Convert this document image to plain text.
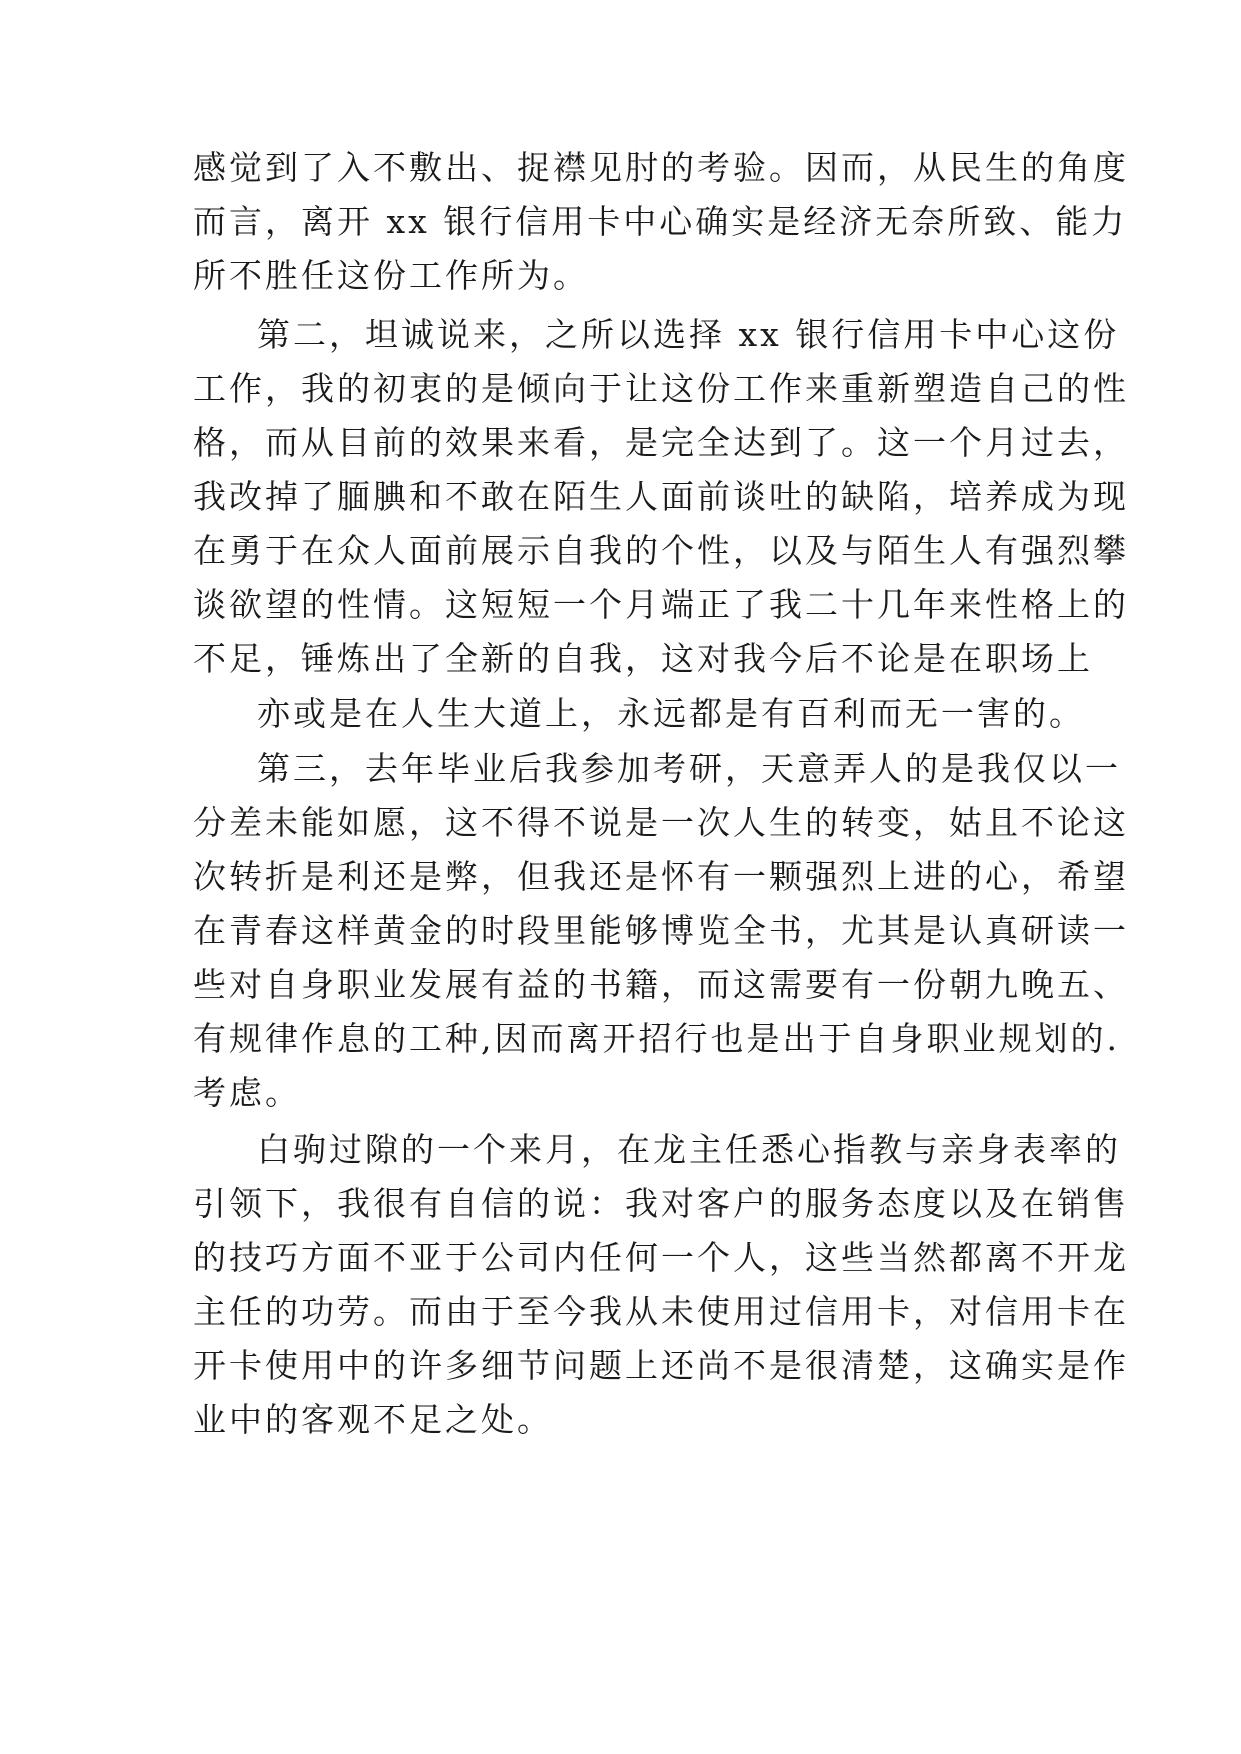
感觉到了入不敷出、捉襟见肘的考验。因而，从民生的角度
而言，离开 xx 银行信用卡中心确实是经济无奈所致、能力
所不胜任这份工作所为。
第二，坦诚说来，之所以选择 xx 银行信用卡中心这份
工作，我的初衷的是倾向于让这份工作来重新塑造自己的性
格，而从目前的效果来看，是完全达到了。这一个月过去，
我改掉了腼腆和不敢在陌生人面前谈吐的缺陷，培养成为现
在勇于在众人面前展示自我的个性，以及与陌生人有强烈攀
谈欲望的性情。这短短一个月端正了我二十几年来性格上的
不足，锤炼出了全新的自我，这对我今后不论是在职场上
亦或是在人生大道上，永远都是有百利而无一害的。
第三，去年毕业后我参加考研，天意弄人的是我仅以一
分差未能如愿，这不得不说是一次人生的转变，姑且不论这
次转折是利还是弊，但我还是怀有一颗强烈上进的心，希望
在青春这样黄金的时段里能够博览全书，尤其是认真研读一
些对自身职业发展有益的书籍，而这需要有一份朝九晚五、
有规律作息的工种,因而离开招行也是出于自身职业规划的.
考虑。
白驹过隙的一个来月，在龙主任悉心指教与亲身表率的
引领下，我很有自信的说：我对客户的服务态度以及在销售
的技巧方面不亚于公司内任何一个人，这些当然都离不开龙
主任的功劳。而由于至今我从未使用过信用卡，对信用卡在
开卡使用中的许多细节问题上还尚不是很清楚，这确实是作
业中的客观不足之处。
